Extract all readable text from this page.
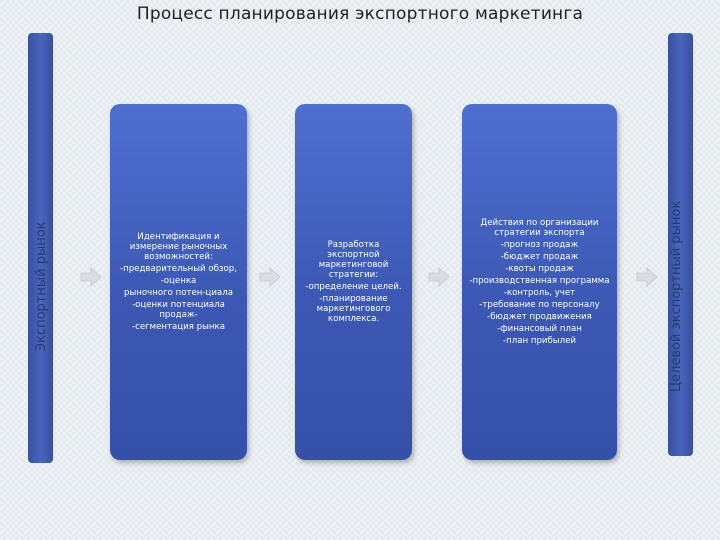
Процесс планирования экспортного маркетинга
Экспортный рынок	Целевой экспортный рынок
Идентификация и измерение рыночных возможностей:
-предварительный обзор,
-оценка
рыночного потен-циала
-оценки потенциала продаж-
-сегментация рынка
Разработка экспортной маркетинговой стратегии:
-определение целей.
-планирование маркетингового комплекса.
Действия по организации стратегии экспорта
-прогноз продаж
-бюджет продаж
-квоты продаж
-производственная программа
-контроль, учет
-требование по персоналу
-бюджет продвижения
-финансовый план
-план прибылей
